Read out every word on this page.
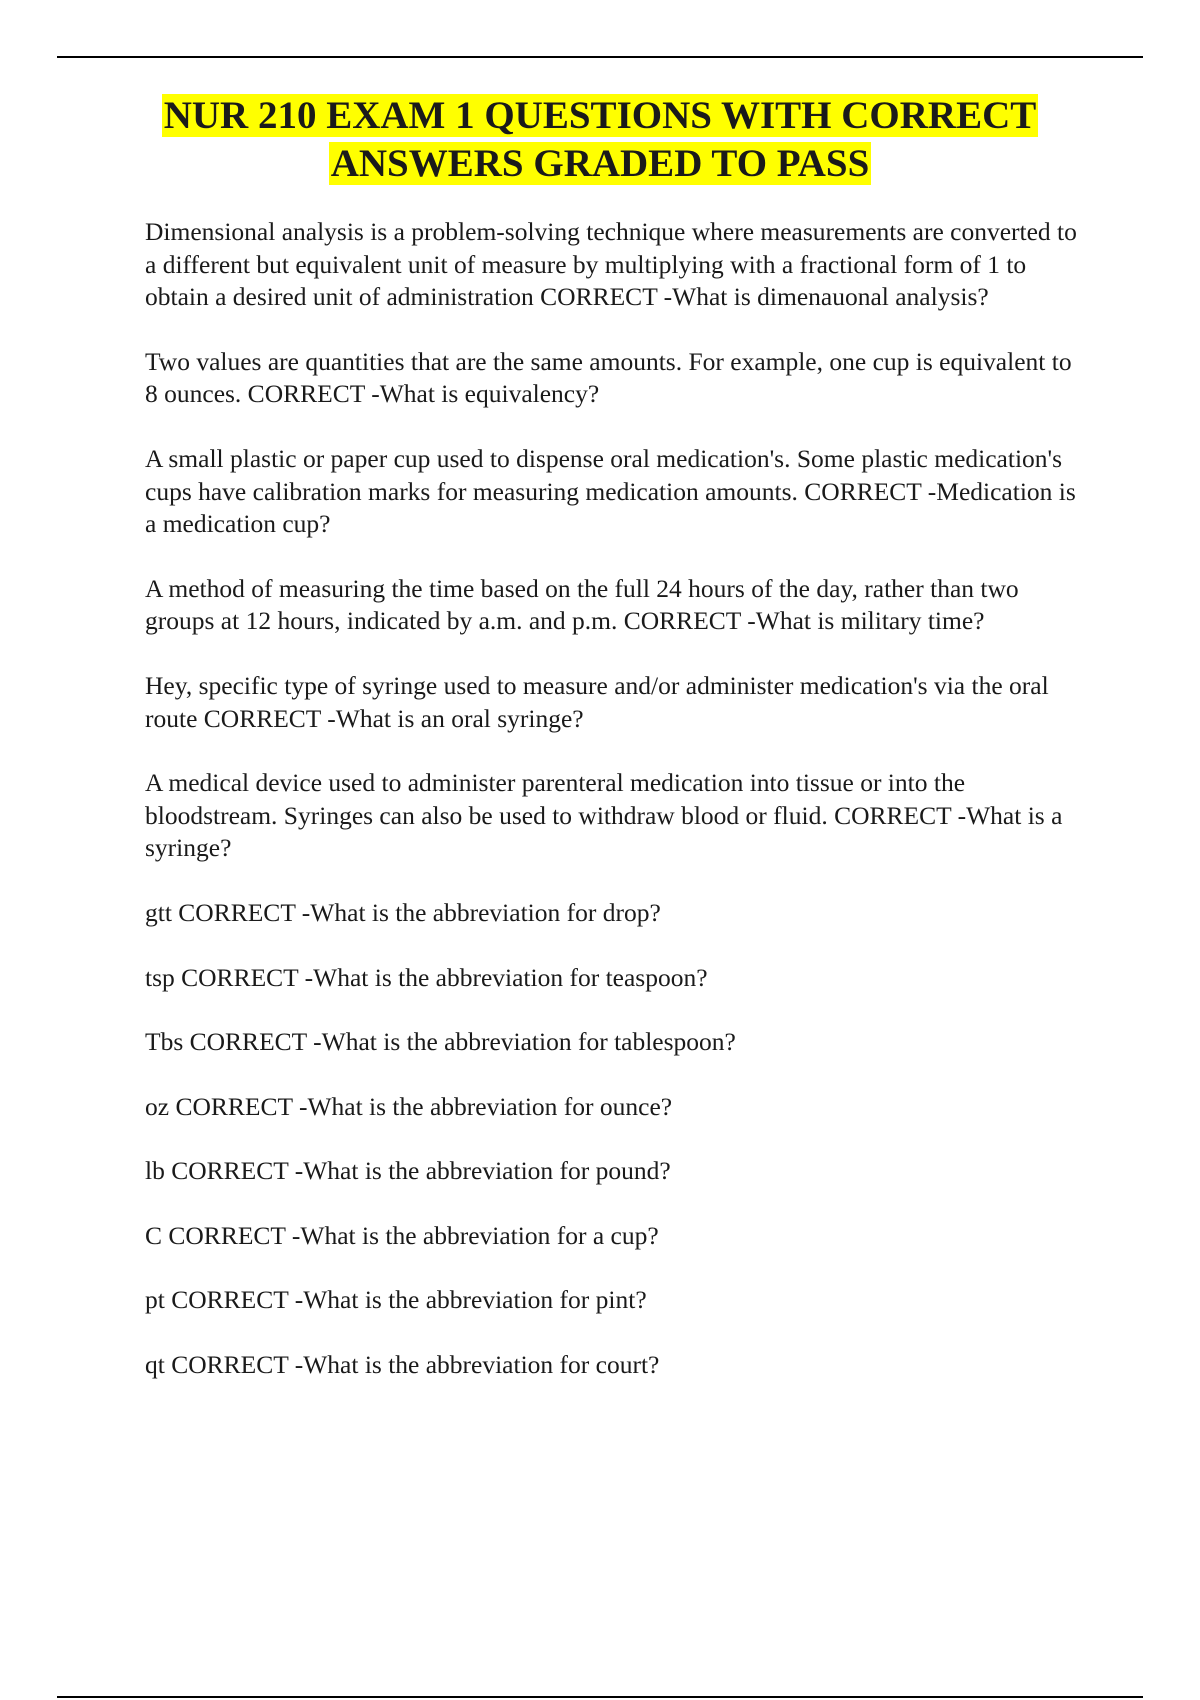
NUR 210 EXAM 1 QUESTIONS WITH CORRECT
ANSWERS GRADED TO PASS

Dimensional analysis is a problem-solving technique where measurements are converted to a different but equivalent unit of measure by multiplying with a fractional form of 1 to obtain a desired unit of administration CORRECT -What is dimenauonal analysis?

Two values are quantities that are the same amounts. For example, one cup is equivalent to 8 ounces. CORRECT -What is equivalency?

A small plastic or paper cup used to dispense oral medication's. Some plastic medication's cups have calibration marks for measuring medication amounts. CORRECT -Medication is a medication cup?

A method of measuring the time based on the full 24 hours of the day, rather than two groups at 12 hours, indicated by a.m. and p.m. CORRECT -What is military time?

Hey, specific type of syringe used to measure and/or administer medication's via the oral route CORRECT -What is an oral syringe?

A medical device used to administer parenteral medication into tissue or into the bloodstream. Syringes can also be used to withdraw blood or fluid. CORRECT -What is a syringe?

gtt CORRECT -What is the abbreviation for drop?

tsp CORRECT -What is the abbreviation for teaspoon?

Tbs CORRECT -What is the abbreviation for tablespoon?

oz CORRECT -What is the abbreviation for ounce?

lb CORRECT -What is the abbreviation for pound?

C CORRECT -What is the abbreviation for a cup?

pt CORRECT -What is the abbreviation for pint?

qt CORRECT -What is the abbreviation for court?
